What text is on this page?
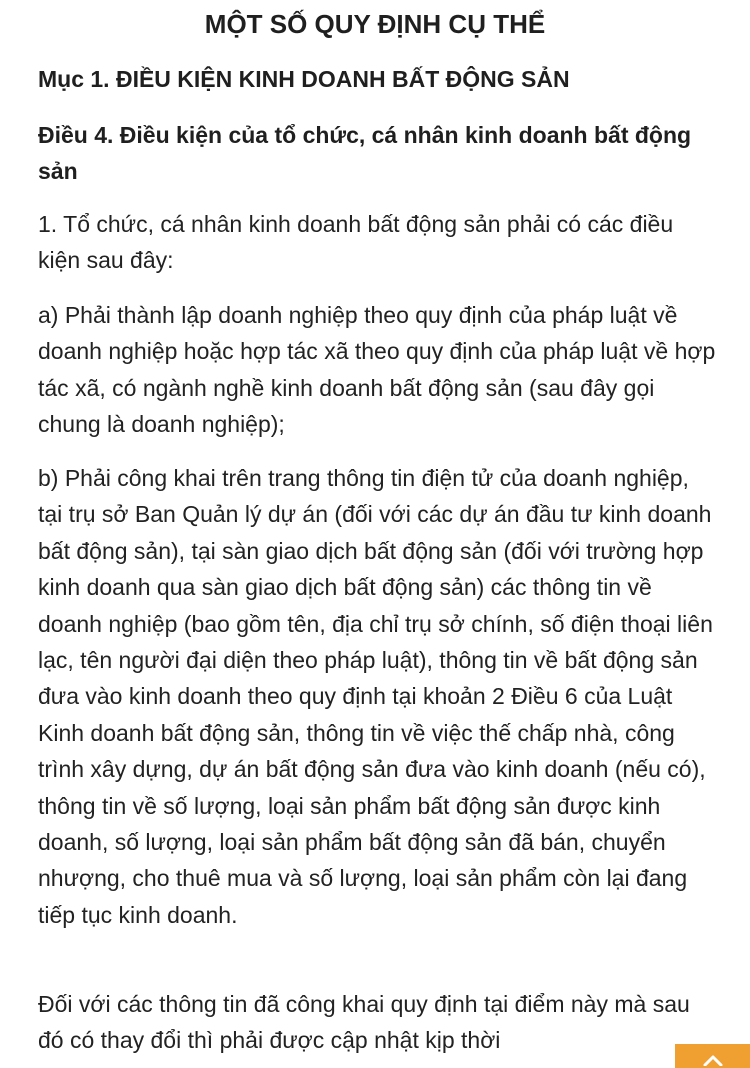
MỘT SỐ QUY ĐỊNH CỤ THỂ
Mục 1. ĐIỀU KIỆN KINH DOANH BẤT ĐỘNG SẢN
Điều 4. Điều kiện của tổ chức, cá nhân kinh doanh bất động sản
1. Tổ chức, cá nhân kinh doanh bất động sản phải có các điều kiện sau đây:
a) Phải thành lập doanh nghiệp theo quy định của pháp luật về doanh nghiệp hoặc hợp tác xã theo quy định của pháp luật về hợp tác xã, có ngành nghề kinh doanh bất động sản (sau đây gọi chung là doanh nghiệp);
b) Phải công khai trên trang thông tin điện tử của doanh nghiệp, tại trụ sở Ban Quản lý dự án (đối với các dự án đầu tư kinh doanh bất động sản), tại sàn giao dịch bất động sản (đối với trường hợp kinh doanh qua sàn giao dịch bất động sản) các thông tin về doanh nghiệp (bao gồm tên, địa chỉ trụ sở chính, số điện thoại liên lạc, tên người đại diện theo pháp luật), thông tin về bất động sản đưa vào kinh doanh theo quy định tại khoản 2 Điều 6 của Luật Kinh doanh bất động sản, thông tin về việc thế chấp nhà, công trình xây dựng, dự án bất động sản đưa vào kinh doanh (nếu có), thông tin về số lượng, loại sản phẩm bất động sản được kinh doanh, số lượng, loại sản phẩm bất động sản đã bán, chuyển nhượng, cho thuê mua và số lượng, loại sản phẩm còn lại đang tiếp tục kinh doanh.
Đối với các thông tin đã công khai quy định tại điểm này mà sau đó có thay đổi thì phải được cập nhật kịp thời
